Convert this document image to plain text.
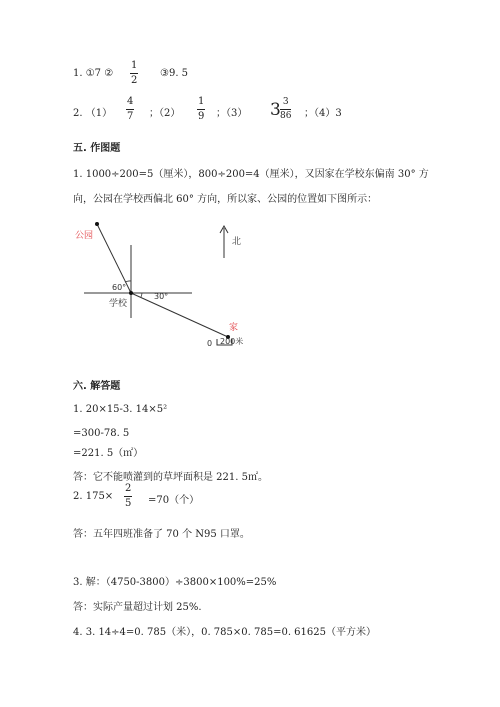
1. ①7 ②
1
2
③9. 5
2. （1）
4
7 ；（2）
1
9 ；（3） 3 3
86 ；（4）3
五. 作图题
1. 1000÷200=5（厘米），800÷200=4（厘米），又因家在学校东偏南 30° 方
向，公园在学校西偏北 60° 方向，所以家、公园的位置如下图所示：
公园
北
60°
30°
学校
家
0 200米
六. 解答题
1. 20×15-3. 14×5²
=300-78. 5
=221. 5（㎡）
答：它不能喷灌到的草坪面积是 221. 5㎡。
2. 175×
2
5 =70（个）
答：五年四班准备了 70 个 N95 口罩。
3. 解：（4750-3800）÷3800×100%=25%
答：实际产量超过计划 25%.
4. 3. 14÷4=0. 785（米），0. 785×0. 785=0. 61625（平方米）
